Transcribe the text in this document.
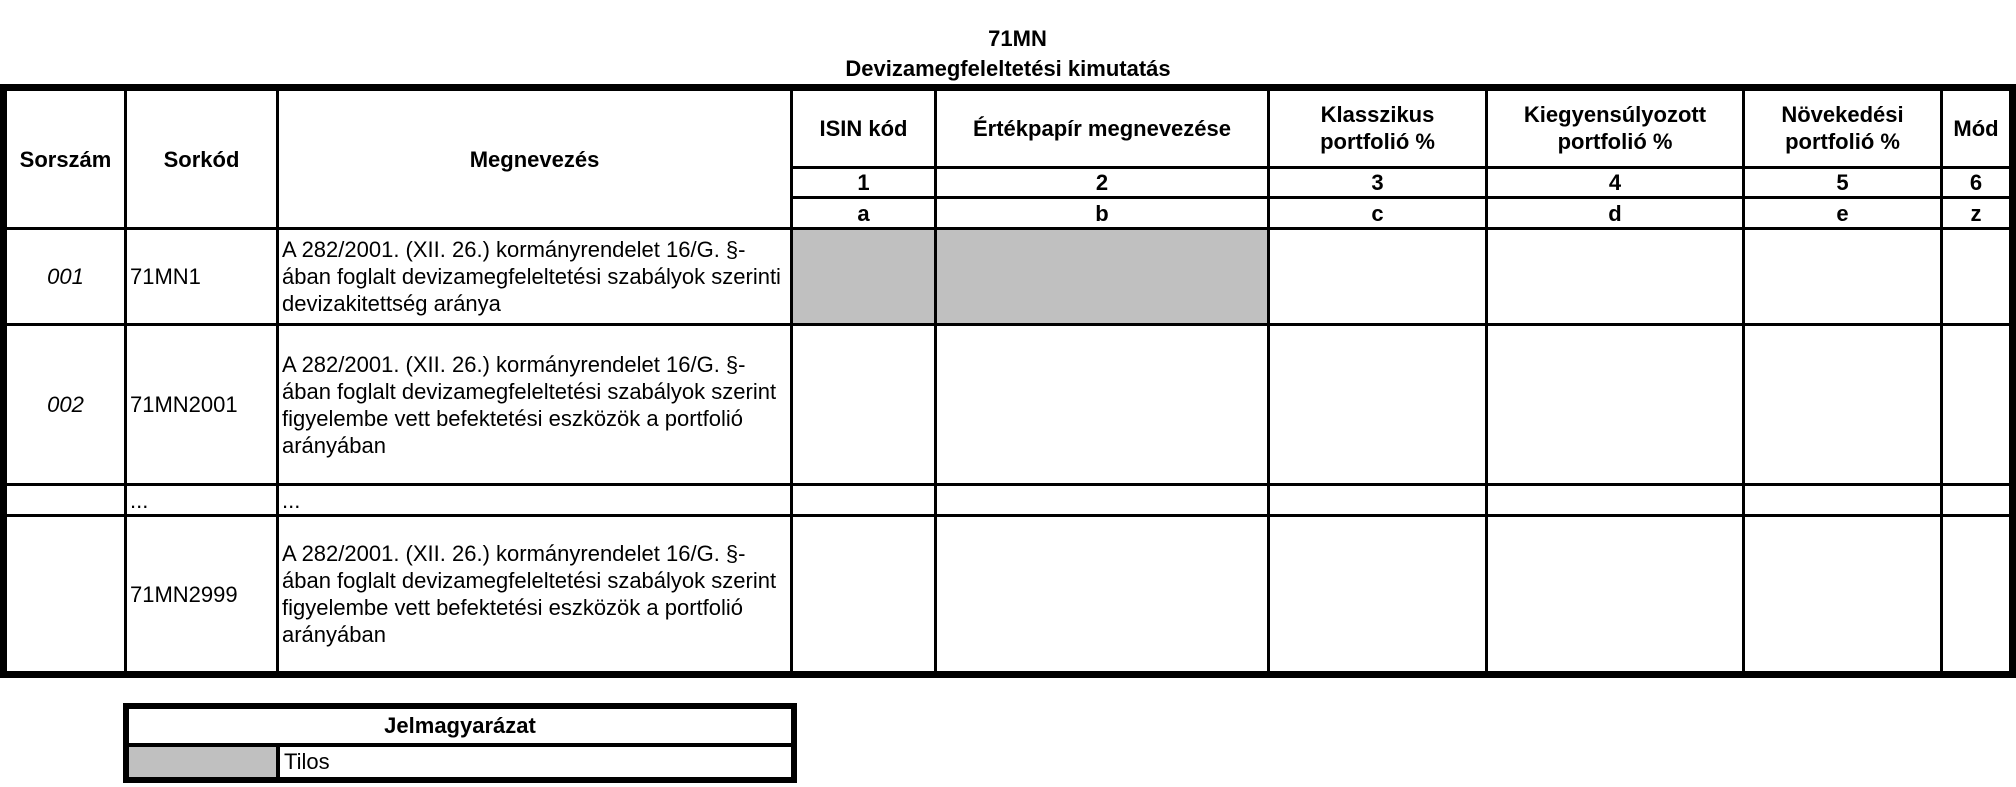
71MN
Devizamegfeleltetési kimutatás
Sorszám	Sorkód	Megnevezés	ISIN kód	Értékpapír megnevezése	Klasszikus portfolió %	Kiegyensúlyozott portfolió %	Növekedési portfolió %	Mód
			1	2	3	4	5	6
			a	b	c	d	e	z
001	71MN1	A 282/2001. (XII. 26.) kormányrendelet 16/G. §-ában foglalt devizamegfeleltetési szabályok szerinti devizakitettség aránya						
002	71MN2001	A 282/2001. (XII. 26.) kormányrendelet 16/G. §-ában foglalt devizamegfeleltetési szabályok szerint figyelembe vett befektetési eszközök a portfolió arányában						
	...	...						
	71MN2999	A 282/2001. (XII. 26.) kormányrendelet 16/G. §-ában foglalt devizamegfeleltetési szabályok szerint figyelembe vett befektetési eszközök a portfolió arányában						
Jelmagyarázat
	Tilos
